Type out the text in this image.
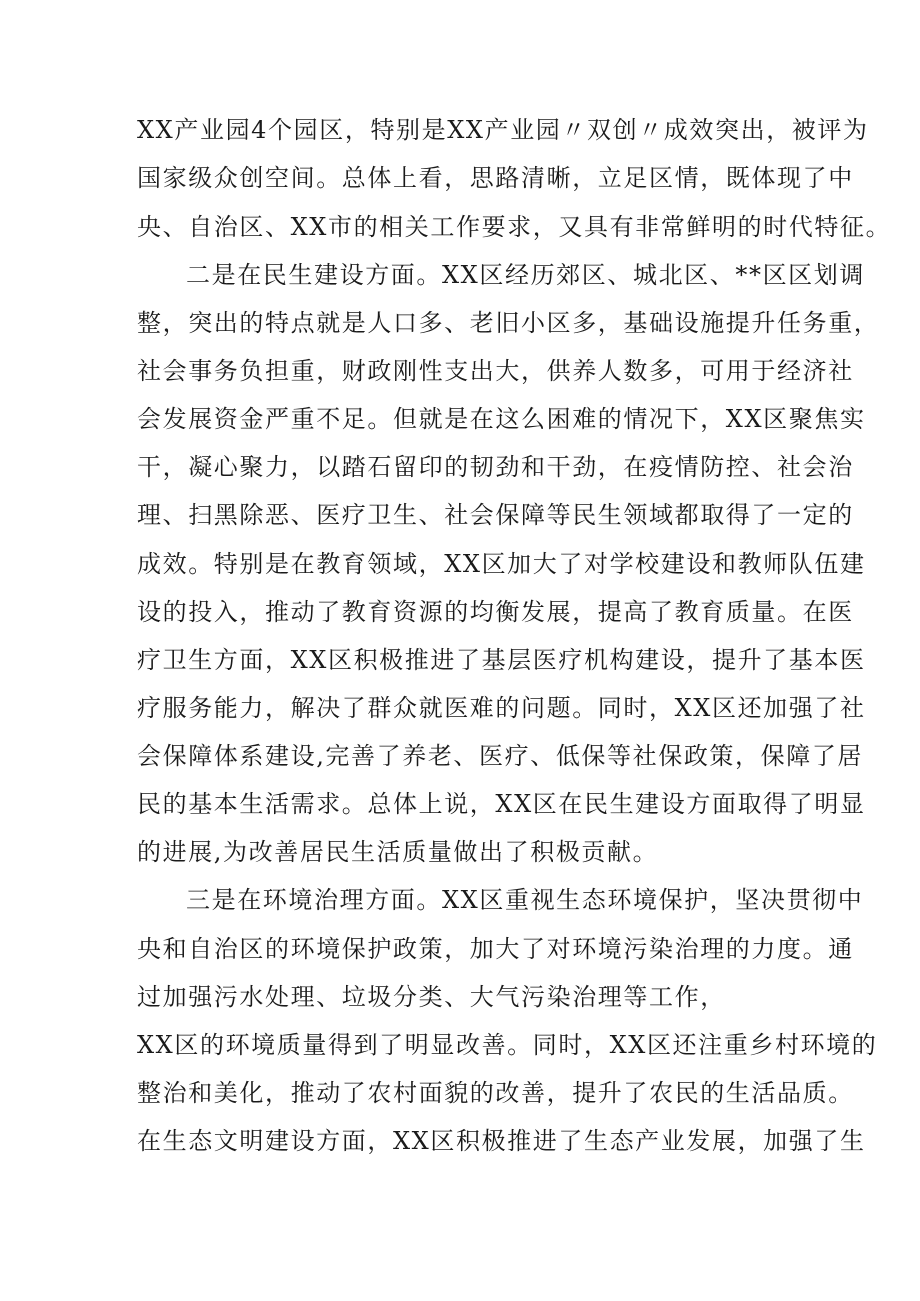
XX产业园4个园区，特别是XX产业园〃双创〃成效突出，被评为
国家级众创空间。总体上看，思路清晰，立足区情，既体现了中
央、自治区、XX市的相关工作要求，又具有非常鲜明的时代特征。
二是在民生建设方面。XX区经历郊区、城北区、**区区划调
整，突出的特点就是人口多、老旧小区多，基础设施提升任务重，
社会事务负担重，财政刚性支出大，供养人数多，可用于经济社
会发展资金严重不足。但就是在这么困难的情况下，XX区聚焦实
干，凝心聚力，以踏石留印的韧劲和干劲，在疫情防控、社会治
理、扫黑除恶、医疗卫生、社会保障等民生领域都取得了一定的
成效。特别是在教育领域，XX区加大了对学校建设和教师队伍建
设的投入，推动了教育资源的均衡发展，提高了教育质量。在医
疗卫生方面，XX区积极推进了基层医疗机构建设，提升了基本医
疗服务能力，解决了群众就医难的问题。同时，XX区还加强了社
会保障体系建设,完善了养老、医疗、低保等社保政策，保障了居
民的基本生活需求。总体上说，XX区在民生建设方面取得了明显
的进展,为改善居民生活质量做出了积极贡献。
三是在环境治理方面。XX区重视生态环境保护，坚决贯彻中
央和自治区的环境保护政策，加大了对环境污染治理的力度。通
过加强污水处理、垃圾分类、大气污染治理等工作，
XX区的环境质量得到了明显改善。同时，XX区还注重乡村环境的
整治和美化，推动了农村面貌的改善，提升了农民的生活品质。
在生态文明建设方面，XX区积极推进了生态产业发展，加强了生
